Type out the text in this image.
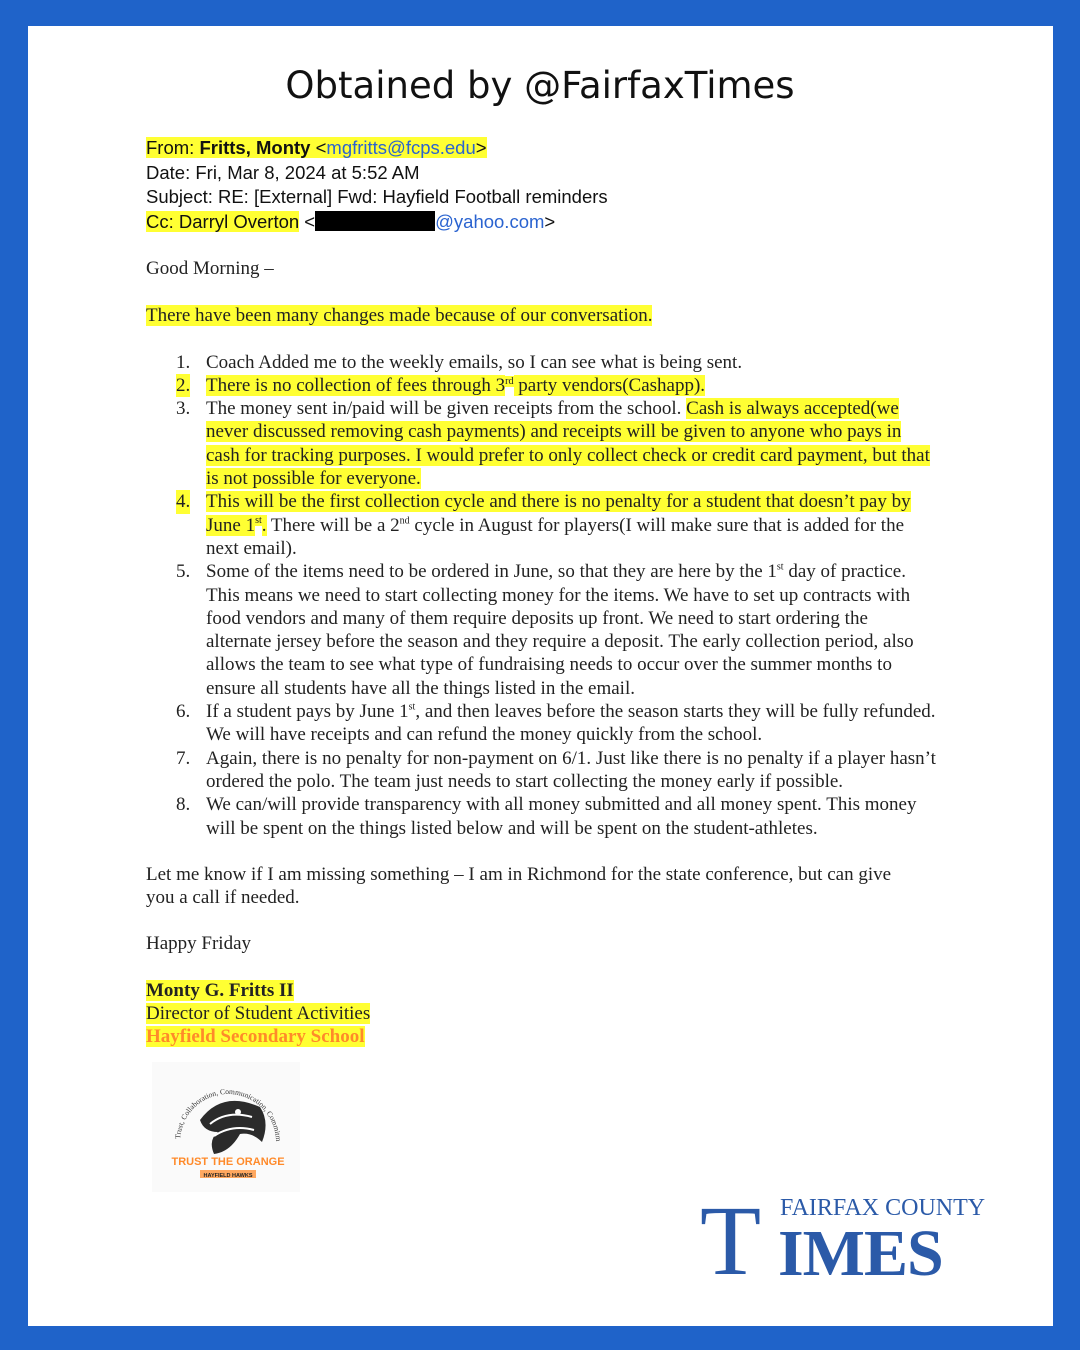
Obtained by @FairfaxTimes
From: Fritts, Monty <mgfritts@fcps.edu>
Date: Fri, Mar 8, 2024 at 5:52 AM
Subject: RE: [External] Fwd: Hayfield Football reminders
Cc: Darryl Overton <	@yahoo.com>
Good Morning –
There have been many changes made because of our conversation.
1. Coach Added me to the weekly emails, so I can see what is being sent.
2. There is no collection of fees through 3rd party vendors(Cashapp).
3. The money sent in/paid will be given receipts from the school. Cash is always accepted(we never discussed removing cash payments) and receipts will be given to anyone who pays in cash for tracking purposes. I would prefer to only collect check or credit card payment, but that is not possible for everyone.
4. This will be the first collection cycle and there is no penalty for a student that doesn’t pay by June 1st. There will be a 2nd cycle in August for players(I will make sure that is added for the next email).
5. Some of the items need to be ordered in June, so that they are here by the 1st day of practice. This means we need to start collecting money for the items. We have to set up contracts with food vendors and many of them require deposits up front. We need to start ordering the alternate jersey before the season and they require a deposit. The early collection period, also allows the team to see what type of fundraising needs to occur over the summer months to ensure all students have all the things listed in the email.
6. If a student pays by June 1st, and then leaves before the season starts they will be fully refunded. We will have receipts and can refund the money quickly from the school.
7. Again, there is no penalty for non-payment on 6/1. Just like there is no penalty if a player hasn’t ordered the polo. The team just needs to start collecting the money early if possible.
8. We can/will provide transparency with all money submitted and all money spent. This money will be spent on the things listed below and will be spent on the student-athletes.
Let me know if I am missing something – I am in Richmond for the state conference, but can give you a call if needed.
Happy Friday
Monty G. Fritts II
Director of Student Activities
Hayfield Secondary School
Trust, Collaboration, Communication, Commitm
TRUST THE ORANGE
HAYFIELD HAWKS
T FAIRFAX COUNTY
IMES
